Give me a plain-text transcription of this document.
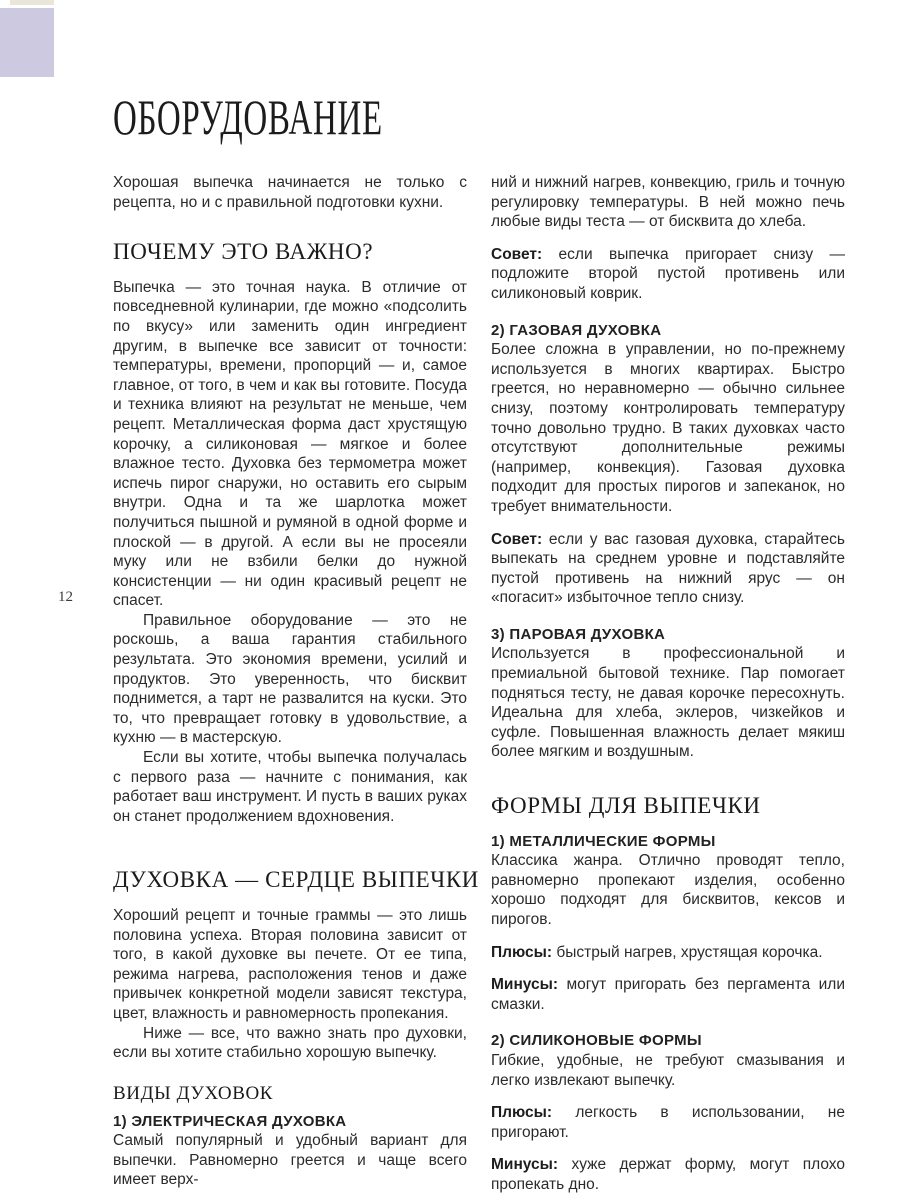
12
ОБОРУДОВАНИЕ

Хорошая выпечка начинается не только с рецепта, но и с правильной подготовки кухни.

ПОЧЕМУ ЭТО ВАЖНО?

Выпечка — это точная наука. В отличие от повседневной кулинарии, где можно «подсолить по вкусу» или заменить один ингредиент другим, в выпечке все зависит от точности: температуры, времени, пропорций — и, самое главное, от того, в чем и как вы готовите. Посуда и техника влияют на результат не меньше, чем рецепт. Металлическая форма даст хрустящую корочку, а силиконовая — мягкое и более влажное тесто. Духовка без термометра может испечь пирог снаружи, но оставить его сырым внутри. Одна и та же шарлотка может получиться пышной и румяной в одной форме и плоской — в другой. А если вы не просеяли муку или не взбили белки до нужной консистенции — ни один красивый рецепт не спасет.

Правильное оборудование — это не роскошь, а ваша гарантия стабильного результата. Это экономия времени, усилий и продуктов. Это уверенность, что бисквит поднимется, а тарт не развалится на куски. Это то, что превращает готовку в удовольствие, а кухню — в мастерскую.

Если вы хотите, чтобы выпечка получалась с первого раза — начните с понимания, как работает ваш инструмент. И пусть в ваших руках он станет продолжением вдохновения.

ДУХОВКА — СЕРДЦЕ ВЫПЕЧКИ

Хороший рецепт и точные граммы — это лишь половина успеха. Вторая половина зависит от того, в какой духовке вы печете. От ее типа, режима нагрева, расположения тенов и даже привычек конкретной модели зависят текстура, цвет, влажность и равномерность пропекания.

Ниже — все, что важно знать про духовки, если вы хотите стабильно хорошую выпечку.

ВИДЫ ДУХОВОК
1) ЭЛЕКТРИЧЕСКАЯ ДУХОВКА

Самый популярный и удобный вариант для выпечки. Равномерно греется и чаще всего имеет верх-

ний и нижний нагрев, конвекцию, гриль и точную регулировку температуры. В ней можно печь любые виды теста — от бисквита до хлеба.

Совет: если выпечка пригорает снизу — подложите второй пустой противень или силиконовый коврик.

2) ГАЗОВАЯ ДУХОВКА

Более сложна в управлении, но по-прежнему используется в многих квартирах. Быстро греется, но неравномерно — обычно сильнее снизу, поэтому контролировать температуру точно довольно трудно. В таких духовках часто отсутствуют дополнительные режимы (например, конвекция). Газовая духовка подходит для простых пирогов и запеканок, но требует внимательности.

Совет: если у вас газовая духовка, старайтесь выпекать на среднем уровне и подставляйте пустой противень на нижний ярус — он «погасит» избыточное тепло снизу.

3) ПАРОВАЯ ДУХОВКА

Используется в профессиональной и премиальной бытовой технике. Пар помогает подняться тесту, не давая корочке пересохнуть. Идеальна для хлеба, эклеров, чизкейков и суфле. Повышенная влажность делает мякиш более мягким и воздушным.

ФОРМЫ ДЛЯ ВЫПЕЧКИ
1) МЕТАЛЛИЧЕСКИЕ ФОРМЫ

Классика жанра. Отлично проводят тепло, равномерно пропекают изделия, особенно хорошо подходят для бисквитов, кексов и пирогов.

Плюсы: быстрый нагрев, хрустящая корочка.

Минусы: могут пригорать без пергамента или смазки.

2) СИЛИКОНОВЫЕ ФОРМЫ

Гибкие, удобные, не требуют смазывания и легко извлекают выпечку.

Плюсы: легкость в использовании, не пригорают.

Минусы: хуже держат форму, могут плохо пропекать дно.
